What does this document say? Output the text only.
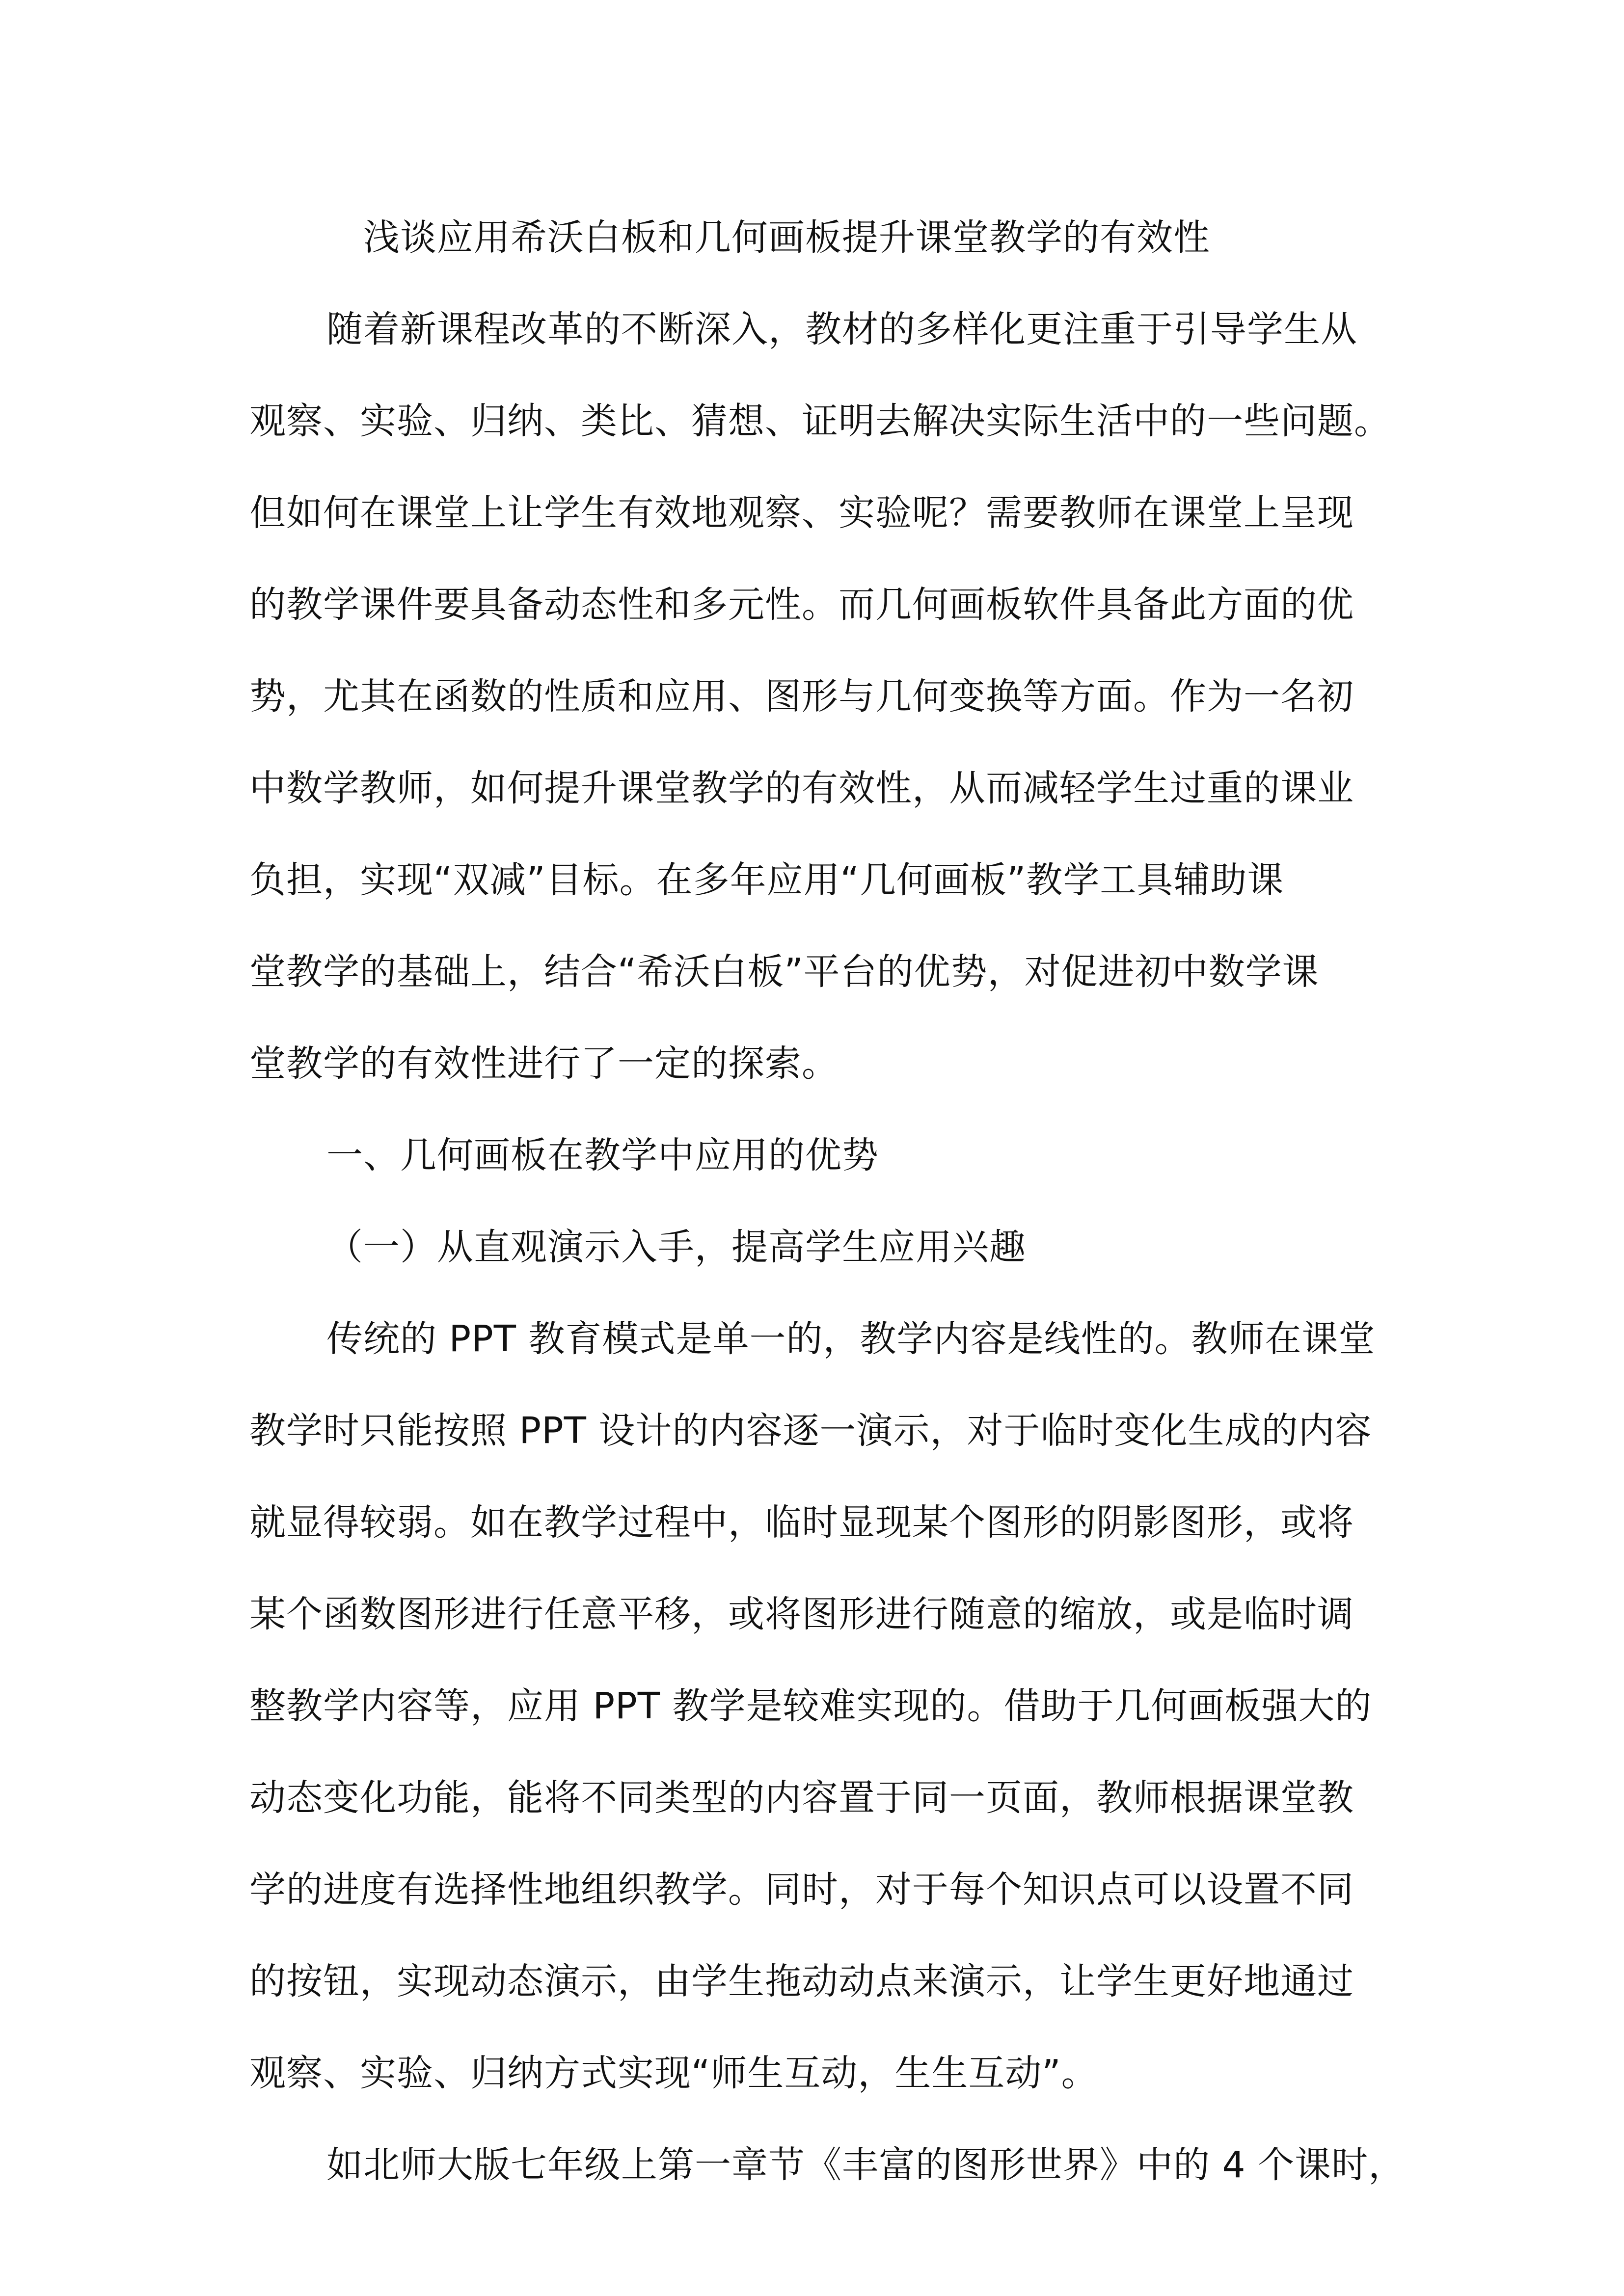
浅谈应用希沃白板和几何画板提升课堂教学的有效性
随着新课程改革的不断深入，教材的多样化更注重于引导学生从
观察、实验、归纳、类比、猜想、证明去解决实际生活中的一些问题。
但如何在课堂上让学生有效地观察、实验呢？需要教师在课堂上呈现
的教学课件要具备动态性和多元性。而几何画板软件具备此方面的优
势，尤其在函数的性质和应用、图形与几何变换等方面。作为一名初
中数学教师，如何提升课堂教学的有效性，从而减轻学生过重的课业
负担，实现“双减”目标。在多年应用“几何画板”教学工具辅助课
堂教学的基础上，结合“希沃白板”平台的优势，对促进初中数学课
堂教学的有效性进行了一定的探索。
一、几何画板在教学中应用的优势
（一）从直观演示入手，提高学生应用兴趣
传统的 PPT 教育模式是单一的，教学内容是线性的。教师在课堂
教学时只能按照 PPT 设计的内容逐一演示，对于临时变化生成的内容
就显得较弱。如在教学过程中，临时显现某个图形的阴影图形，或将
某个函数图形进行任意平移，或将图形进行随意的缩放，或是临时调
整教学内容等，应用 PPT 教学是较难实现的。借助于几何画板强大的
动态变化功能，能将不同类型的内容置于同一页面，教师根据课堂教
学的进度有选择性地组织教学。同时，对于每个知识点可以设置不同
的按钮，实现动态演示，由学生拖动动点来演示，让学生更好地通过
观察、实验、归纳方式实现“师生互动，生生互动”。
如北师大版七年级上第一章节《丰富的图形世界》中的 4 个课时，
